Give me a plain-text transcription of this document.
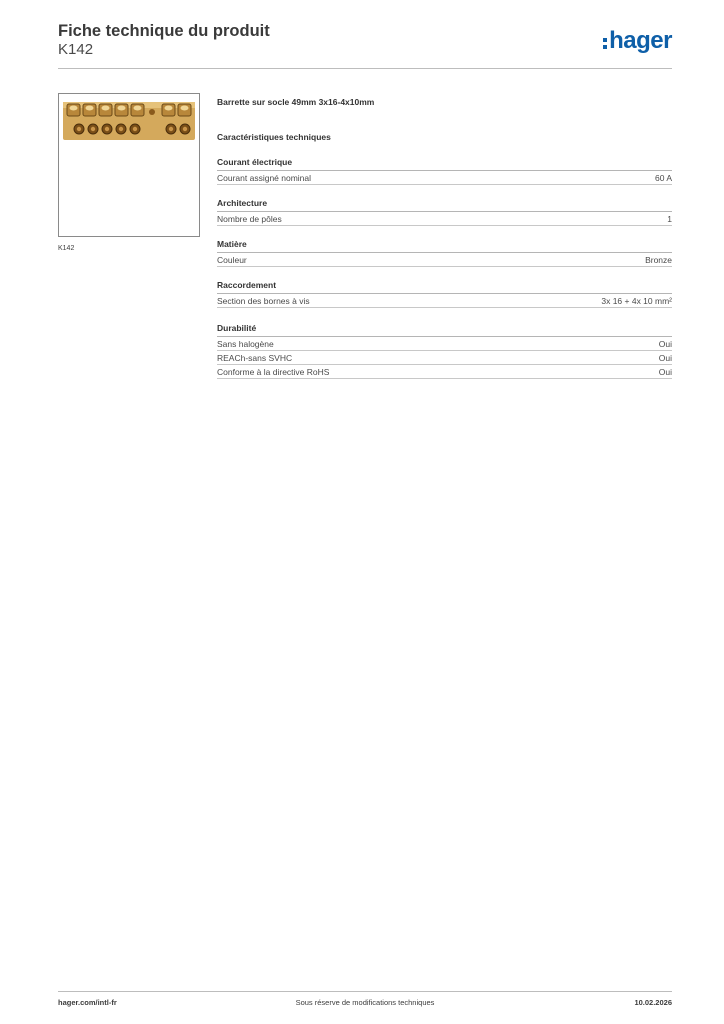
Fiche technique du produit
K142	hager
K142
Barrette sur socle 49mm 3x16-4x10mm
Caractéristiques techniques
Courant électrique
Courant assigné nominal	60 A
Architecture
Nombre de pôles	1
Matière
Couleur	Bronze
Raccordement
Section des bornes à vis	3x 16 + 4x 10 mm²
Durabilité
Sans halogène	Oui
REACh-sans SVHC	Oui
Conforme à la directive RoHS	Oui
hager.com/intl-fr	Sous réserve de modifications techniques	10.02.2026
